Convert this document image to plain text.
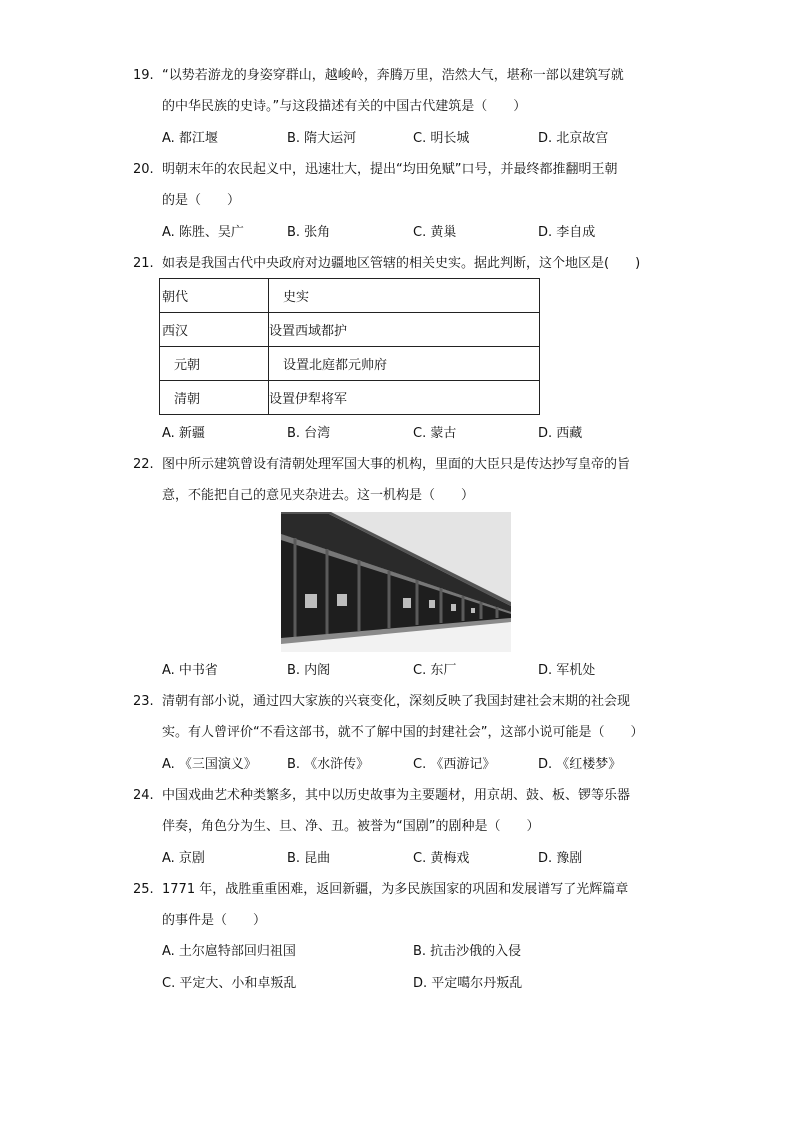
19. “以势若游龙的身姿穿群山，越峻岭，奔腾万里，浩然大气，堪称一部以建筑写就
的中华民族的史诗。”与这段描述有关的中国古代建筑是（　　）
A. 都江堰	B. 隋大运河	C. 明长城	D. 北京故宫
20. 明朝末年的农民起义中，迅速壮大，提出“均田免赋”口号，并最终都推翻明王朝
的是（　　）
A. 陈胜、吴广	B. 张角	C. 黄巢	D. 李自成
21. 如表是我国古代中央政府对边疆地区管辖的相关史实。据此判断，这个地区是(　　)
朝代	史实
西汉	设置西域都护
元朝	设置北庭都元帅府
清朝	设置伊犁将军
A. 新疆	B. 台湾	C. 蒙古	D. 西藏
22. 图中所示建筑曾设有清朝处理军国大事的机构，里面的大臣只是传达抄写皇帝的旨
意，不能把自己的意见夹杂进去。这一机构是（　　）
A. 中书省	B. 内阁	C. 东厂	D. 军机处
23. 清朝有部小说，通过四大家族的兴衰变化，深刻反映了我国封建社会末期的社会现
实。有人曾评价“不看这部书，就不了解中国的封建社会”，这部小说可能是（　　）
A. 《三国演义》 B. 《水浒传》	C. 《西游记》	D. 《红楼梦》
24. 中国戏曲艺术种类繁多，其中以历史故事为主要题材，用京胡、鼓、板、锣等乐器
伴奏，角色分为生、旦、净、丑。被誉为“国剧”的剧种是（　　）
A. 京剧	B. 昆曲	C. 黄梅戏	D. 豫剧
25. 1771 年，战胜重重困难，返回新疆，为多民族国家的巩固和发展谱写了光辉篇章
的事件是（　　）
A. 土尔扈特部回归祖国	B. 抗击沙俄的入侵
C. 平定大、小和卓叛乱	D. 平定噶尔丹叛乱
